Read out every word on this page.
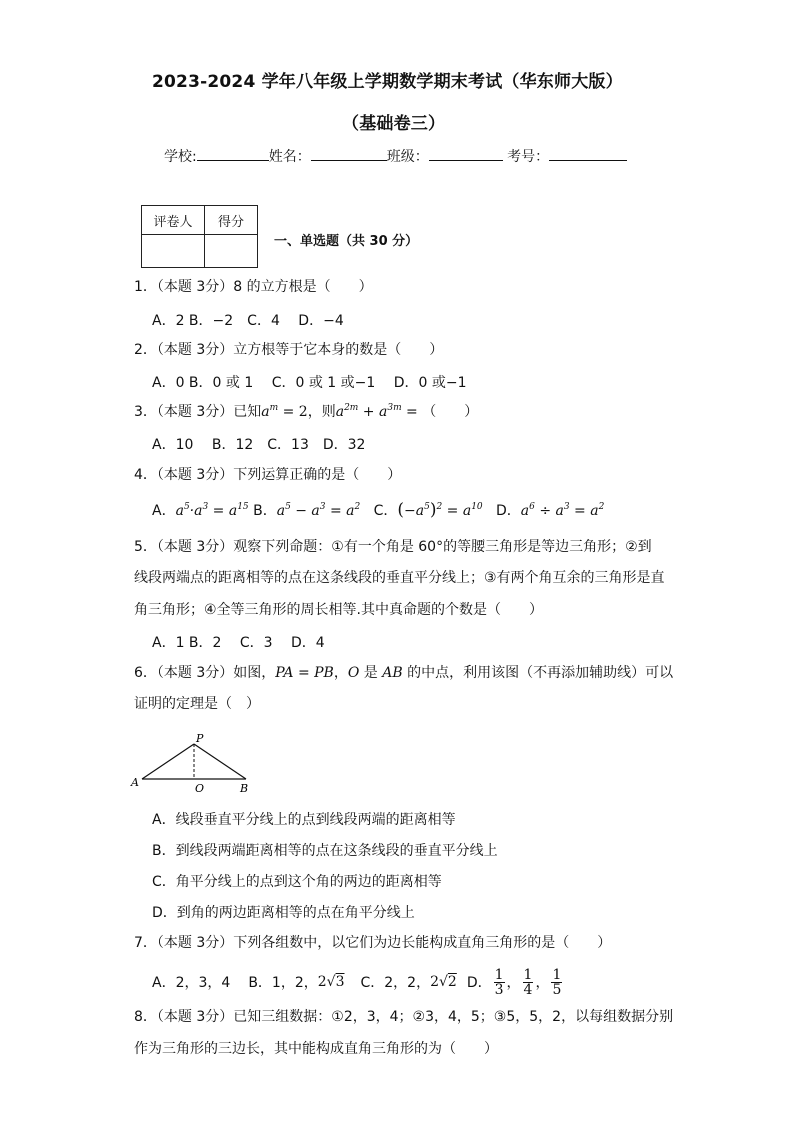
2023-2024 学年八年级上学期数学期末考试（华东师大版）
（基础卷三）
学校:	姓名：	班级：	考号：
评卷人	得分

一、单选题（共 30 分）
1．（本题 3分）8 的立方根是（　　）
A．2 B．−2　C．4　 D．−4
2．（本题 3分）立方根等于它本身的数是（　　）
A．0 B．0 或 1　 C．0 或 1 或−1　 D．0 或−1
3．（本题 3分）已知$a^m = 2$，则$a^{2m} + a^{3m}$ = （　　）
A．10　 B．12　C．13　D．32
4．（本题 3分）下列运算正确的是（　　）
A．$a^5\cdot a^3 = a^{15}$ B．$a^5 - a^3 = a^2$ C．$(-a^5)^2 = a^{10}$ D．$a^6 \div a^3 = a^2$
5．（本题 3分）观察下列命题：①有一个角是 60°的等腰三角形是等边三角形；②到
线段两端点的距离相等的点在这条线段的垂直平分线上；③有两个角互余的三角形是直
角三角形；④全等三角形的周长相等.其中真命题的个数是（　　）
A．1 B．2　 C．3　 D．4
6．（本题 3分）如图，PA = PB，O 是 AB 的中点，利用该图（不再添加辅助线）可以
证明的定理是（　）
P
A	O	B
A．线段垂直平分线上的点到线段两端的距离相等
B．到线段两端距离相等的点在这条线段的垂直平分线上
C．角平分线上的点到这个角的两边的距离相等
D．到角的两边距离相等的点在角平分线上
7．（本题 3分）下列各组数中，以它们为边长能构成直角三角形的是（　　）
A．2，3，4 B．1，2， 2√3 C．2，2， 2√2 D． $\frac{1}{3}$ ， $\frac{1}{4}$ ， $\frac{1}{5}$
8．（本题 3分）已知三组数据：①2，3，4；②3，4，5；③5，5，2，以每组数据分别
作为三角形的三边长，其中能构成直角三角形的为（　　）
